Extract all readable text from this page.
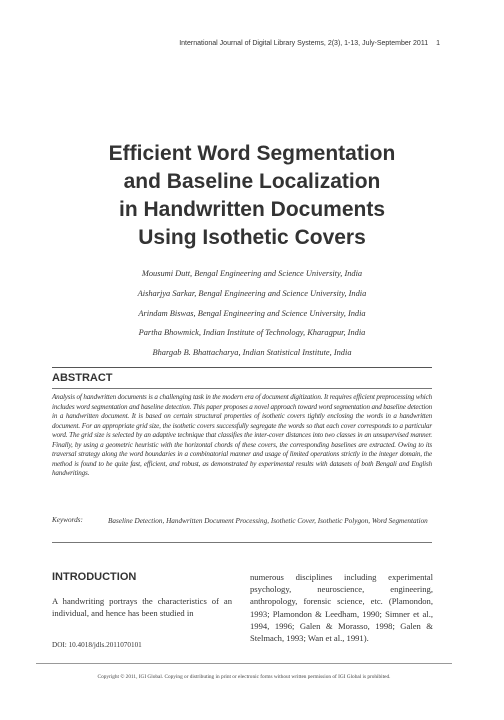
International Journal of Digital Library Systems, 2(3), 1-13, July-September 2011 1
Efficient Word Segmentation
and Baseline Localization
in Handwritten Documents
Using Isothetic Covers
Mousumi Dutt, Bengal Engineering and Science University, India
Aisharjya Sarkar, Bengal Engineering and Science University, India
Arindam Biswas, Bengal Engineering and Science University, India
Partha Bhowmick, Indian Institute of Technology, Kharagpur, India
Bhargab B. Bhattacharya, Indian Statistical Institute, India
ABSTRACT
Analysis of handwritten documents is a challenging task in the modern era of document digitization. It requires efficient preprocessing which includes word segmentation and baseline detection. This paper proposes a novel approach toward word segmentation and baseline detection in a handwritten document. It is based on certain structural properties of isothetic covers tightly enclosing the words in a handwritten document. For an appropriate grid size, the isothetic covers successfully segregate the words so that each cover corresponds to a particular word. The grid size is selected by an adaptive technique that classifies the inter-cover distances into two classes in an unsupervised manner. Finally, by using a geometric heuristic with the horizontal chords of these covers, the corresponding baselines are extracted. Owing to its traversal strategy along the word boundaries in a combinatorial manner and usage of limited operations strictly in the integer domain, the method is found to be quite fast, efficient, and robust, as demonstrated by experimental results with datasets of both Bengali and English handwritings.
Keywords:	Baseline Detection, Handwritten Document Processing, Isothetic Cover, Isothetic Polygon, Word Segmentation
INTRODUCTION
A handwriting portrays the characteristics of an individual, and hence has been studied in
numerous disciplines including experimental psychology, neuroscience, engineering, anthropology, forensic science, etc. (Plamondon, 1993; Plamondon & Leedham, 1990; Simner et al., 1994, 1996; Galen & Morasso, 1998; Galen & Stelmach, 1993; Wan et al., 1991).
DOI: 10.4018/jdls.2011070101
Copyright © 2011, IGI Global. Copying or distributing in print or electronic forms without written permission of IGI Global is prohibited.
